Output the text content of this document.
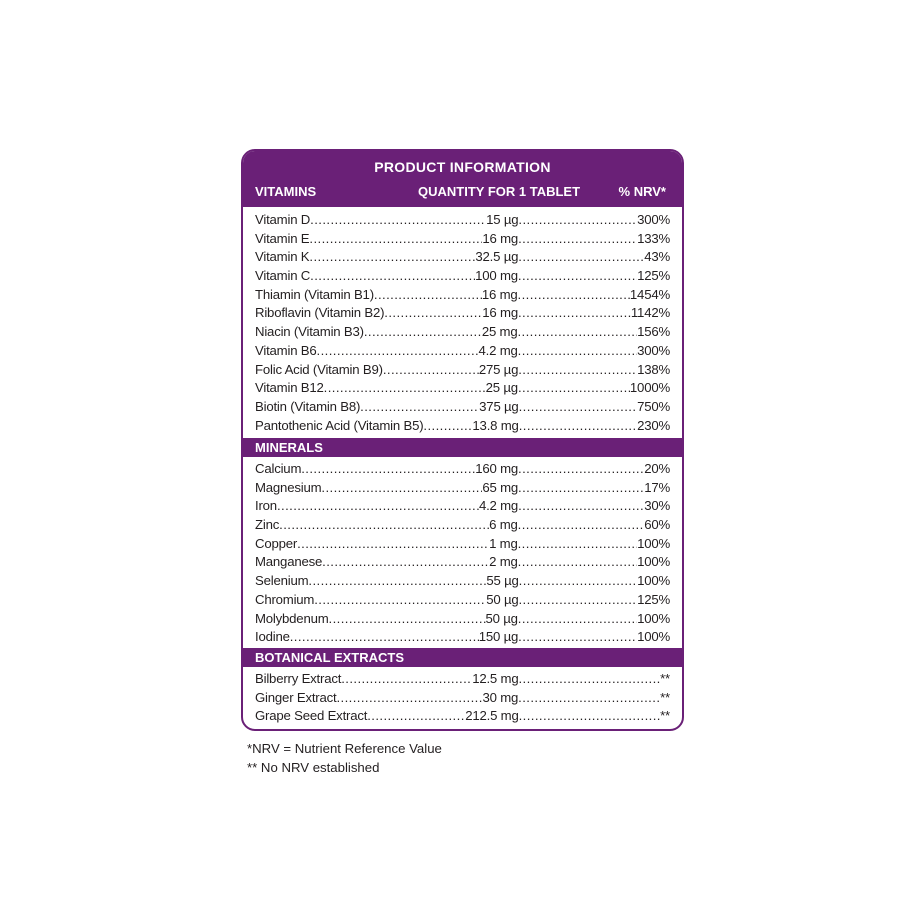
PRODUCT INFORMATION
VITAMINS	QUANTITY FOR 1 TABLET	% NRV*
Vitamin D .....	15 µg .....	300%
Vitamin E .....	16 mg .....	133%
Vitamin K .....	32.5 µg .....	43%
Vitamin C .....	100 mg .....	125%
Thiamin (Vitamin B1) .....	16 mg .....	1454%
Riboflavin (Vitamin B2) .....	16 mg .....	1142%
Niacin (Vitamin B3) .....	25 mg .....	156%
Vitamin B6 .....	4.2 mg .....	300%
Folic Acid (Vitamin B9) .....	275 µg .....	138%
Vitamin B12 .....	25 µg .....	1000%
Biotin (Vitamin B8) .....	375 µg .....	750%
Pantothenic Acid (Vitamin B5) .....	13.8 mg .....	230%
MINERALS
Calcium .....	160 mg .....	20%
Magnesium .....	65 mg .....	17%
Iron .....	4.2 mg .....	30%
Zinc .....	6 mg .....	60%
Copper .....	1 mg .....	100%
Manganese .....	2 mg .....	100%
Selenium .....	55 µg .....	100%
Chromium .....	50 µg .....	125%
Molybdenum .....	50 µg .....	100%
Iodine .....	150 µg .....	100%
BOTANICAL EXTRACTS
Bilberry Extract .....	12.5 mg .....	**
Ginger Extract .....	30 mg .....	**
Grape Seed Extract .....	212.5 mg .....	**
*NRV = Nutrient Reference Value
** No NRV established
